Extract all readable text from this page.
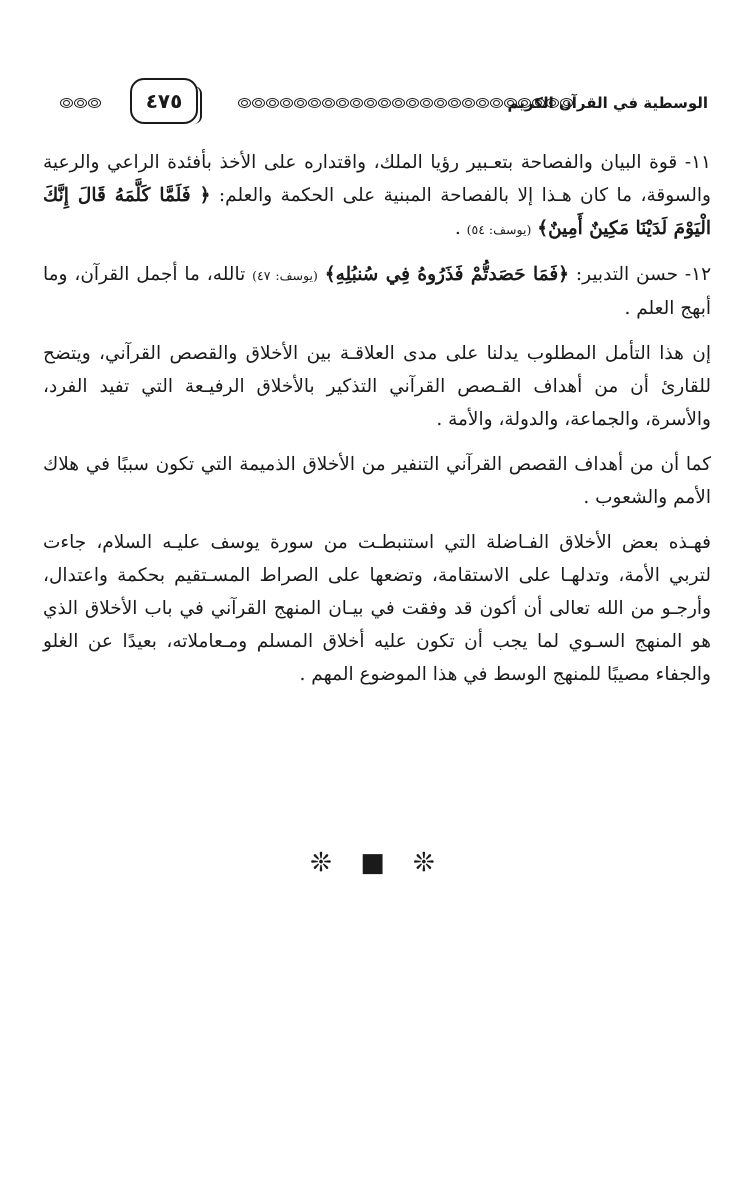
الوسطية في القرآن الكريم
٤٧٥

١١- قوة البيان والفصاحة بتعـبير رؤيا الملك، واقتداره على الأخذ بأفئدة الراعي والرعية والسوقة، ما كان هـذا إلا بالفصاحة المبنية على الحكمة والعلم: ﴿ فَلَمَّا كَلَّمَهُ قَالَ إِنَّكَ الْيَوْمَ لَدَيْنَا مَكِينٌ أَمِينٌ﴾ (يوسف: ٥٤) .

١٢- حسن التدبير: ﴿فَمَا حَصَدتُّمْ فَذَرُوهُ فِي سُنبُلِهِ﴾ (يوسف: ٤٧) تالله، ما أجمل القرآن، وما أبهج العلم .

إن هذا التأمل المطلوب يدلنا على مدى العلاقـة بين الأخلاق والقصص القرآني، ويتضح للقارئ أن من أهداف القـصص القرآني التذكير بالأخلاق الرفيـعة التي تفيد الفرد، والأسرة، والجماعة، والدولة، والأمة .

كما أن من أهداف القصص القرآني التنفير من الأخلاق الذميمة التي تكون سببًا في هلاك الأمم والشعوب .

فهـذه بعض الأخلاق الفـاضلة التي استنبطـت من سورة يوسف عليـه السلام، جاءت لتربي الأمة، وتدلهـا على الاستقامة، وتضعها على الصراط المسـتقيم بحكمة واعتدال، وأرجـو من الله تعالى أن أكون قد وفقت في بيـان المنهج القرآني في باب الأخلاق الذي هو المنهج السـوي لما يجب أن تكون عليه أخلاق المسلم ومـعاملاته، بعيدًا عن الغلو والجفاء مصيبًا للمنهج الوسط في هذا الموضوع المهم .

❊ ■ ❊
